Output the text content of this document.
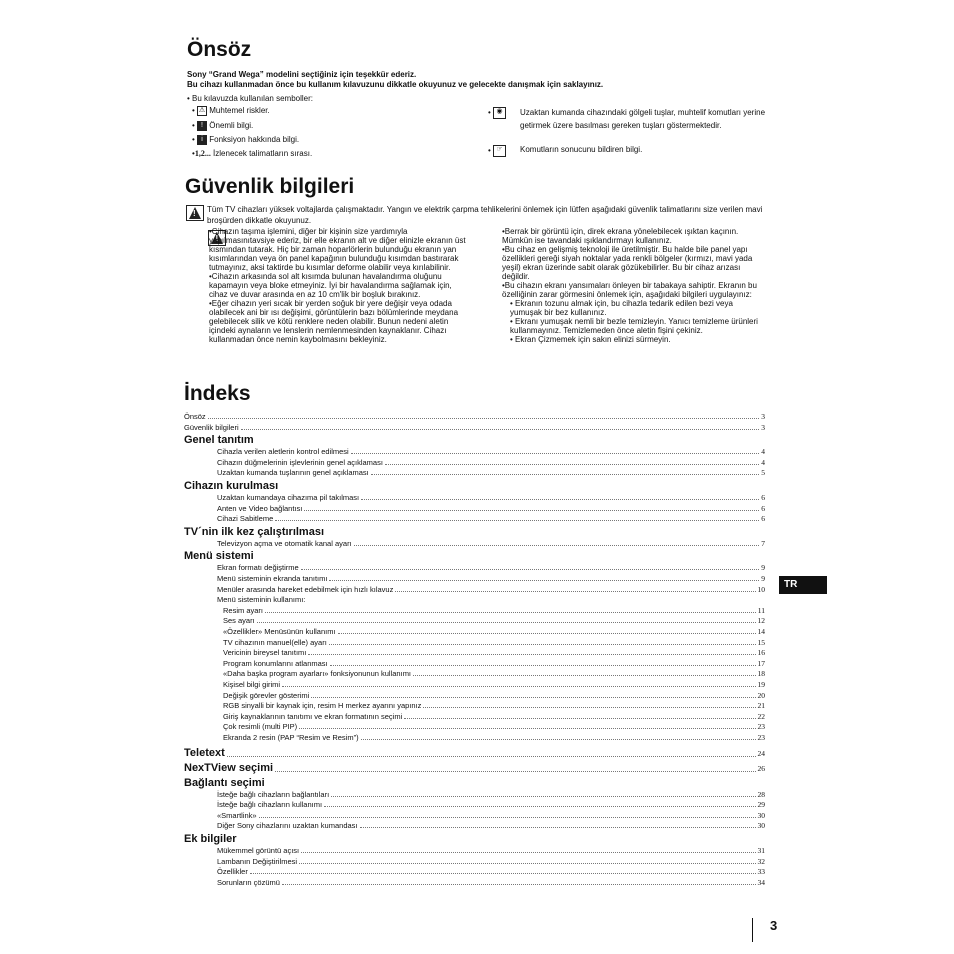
Önsöz
Sony “Grand Wega” modelini seçtiğiniz için teşekkür ederiz.
Bu cihazı kullanmadan önce bu kullanım kılavuzunu dikkatle okuyunuz ve gelecekte danışmak için saklayınız.
• Bu kılavuzda kullanılan semboller:
• ⚠ Muhtemel riskler.
• ! Önemli bilgi.
• i Fonksiyon hakkında bilgi.
•1,2... İzlenecek talimatların sırası.
• ◉ Uzaktan kumanda cihazındaki gölgeli tuşlar, muhtelif komutları yerine getirmek üzere basılması gereken tuşları göstermektedir.
• ☞ Komutların sonucunu bildiren bilgi.
Güvenlik bilgileri
!
Tüm TV cihazları yüksek voltajlarda çalışmaktadır. Yangın ve elektrik çarpma tehlikelerini önlemek için lütfen aşağıdaki güvenlik talimatlarını size verilen mavi broşürden dikkatle okuyunuz.
!
•Cihazın taşıma işlemini, diğer bir kişinin size yardımıyla yapılmasınıtavsiye ederiz, bir elle ekranın alt ve diğer elinizle ekranın üst kısmından tutarak. Hiç bir zaman hoparlörlerin bulunduğu ekranın yan kısımlarından veya ön panel kapağının bulunduğu kısımdan bastırarak tutmayınız, aksi taktirde bu kısımlar deforme olabilir veya kırılabilinir.
•Cihazın arkasında sol alt kısımda bulunan havalandırma oluğunu kapamayın veya bloke etmeyiniz. İyi bir havalandırma sağlamak için, cihaz ve duvar arasında en az 10 cm'lik bir boşluk bırakınız.
•Eğer cihazın yeri sıcak bir yerden soğuk bir yere değişir veya odada olabilecek ani bir ısı değişimi, görüntülerin bazı bölümlerinde meydana gelebilecek silik ve kötü renklere neden olabilir. Bunun nedeni aletin içindeki aynaların ve lenslerin nemlenmesinden kaynaklanır. Cihazı kullanmadan önce nemin kaybolmasını bekleyiniz.
•Berrak bir görüntü için, direk ekrana yönelebilecek ışıktan kaçının. Mümkün ise tavandaki ışıklandırmayı kullanınız.
•Bu cihaz en gelişmiş teknoloji ile üretilmiştir. Bu halde bile panel yapı özellikleri gereği siyah noktalar yada renkli bölgeler (kırmızı, mavi yada yeşil) ekran üzerinde sabit olarak gözükebilirler. Bu bir cihaz arızası değildir.
•Bu cihazın ekranı yansımaları önleyen bir tabakaya sahiptir. Ekranın bu özelliğinin zarar görmesini önlemek için, aşağıdaki bilgileri uygulayınız:
• Ekranın tozunu almak için, bu cihazla tedarik edilen bezi veya yumuşak bir bez kullanınız.
• Ekranı yumuşak nemli bir bezle temizleyin. Yanıcı temizleme ürünleri kullanmayınız. Temizlemeden önce aletin fişini çekiniz.
• Ekran Çizmemek için sakın elinizi sürmeyin.
İndeks
Önsöz	3
Güvenlik bilgileri	3
Genel tanıtım
Cihazla verilen aletlerin kontrol edilmesi	4
Cihazın düğmelerinin işlevlerinin genel açıklaması	4
Uzaktan kumanda tuşlarının genel açıklaması	5
Cihazın kurulması
Uzaktan kumandaya cihazıma pil takılması	6
Anten ve Video bağlantısı	6
Cihazi Sabitleme	6
TV´nin ilk kez çalıştırılması
Televizyon açma ve otomatik kanal ayarı	7
Menü sistemi
Ekran formatı değiştirme	9
Menü sisteminin ekranda tanıtımı	9
Menüler arasında hareket edebilmek için hızlı kılavuz	10
Menü sisteminin kullanımı:
Resim ayarı	11
Ses ayarı	12
«Özellikler» Menüsünün kullanımı	14
TV cihazının manuel(elle) ayarı	15
Vericinin bireysel tanıtımı	16
Program konumlarını atlanması	17
«Daha başka program ayarları» fonksiyonunun kullanımı	18
Kişisel bilgi girimi	19
Değişik görevler gösterimi	20
RGB sinyalli bir kaynak için, resim H merkez ayarını yapınız	21
Giriş kaynaklarının tanıtımı ve ekran formatının seçimi	22
Çok resimli (multi PIP)	23
Ekranda 2 resin (PAP “Resim ve Resim”)	23
Teletext	24
NexTView seçimi	26
Bağlantı seçimi
İsteğe bağlı cihazların bağlantıları	28
İsteğe bağlı cihazların kullanımı	29
«Smartlink»	30
Diğer Sony cihazlarını uzaktan kumandası	30
Ek bilgiler
Mükemmel görüntü açısı	31
Lambanın Değiştirilmesi	32
Özellikler	33
Sorunların çözümü	34
TR
3
